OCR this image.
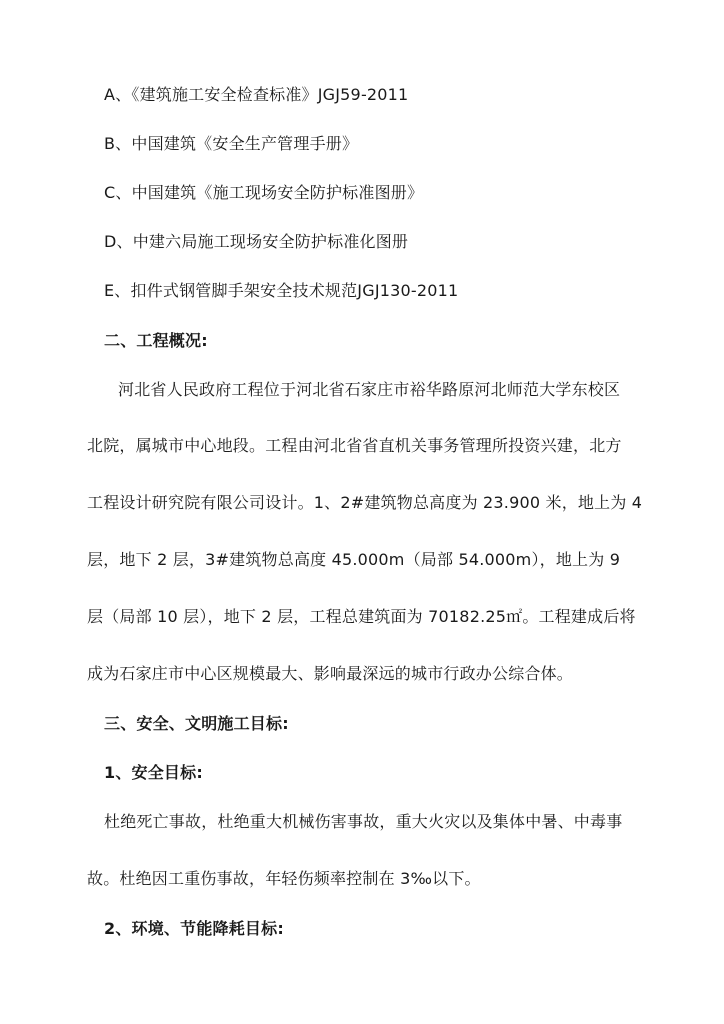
A、《建筑施工安全检查标准》JGJ59-2011
B、中国建筑《安全生产管理手册》
C、中国建筑《施工现场安全防护标准图册》
D、中建六局施工现场安全防护标准化图册
E、扣件式钢管脚手架安全技术规范JGJ130-2011
二、工程概况:
河北省人民政府工程位于河北省石家庄市裕华路原河北师范大学东校区
北院，属城市中心地段。工程由河北省省直机关事务管理所投资兴建，北方
工程设计研究院有限公司设计。1、2#建筑物总高度为 23.900 米，地上为 4
层，地下 2 层，3#建筑物总高度 45.000m（局部 54.000m），地上为 9
层（局部 10 层），地下 2 层，工程总建筑面为 70182.25㎡。工程建成后将
成为石家庄市中心区规模最大、影响最深远的城市行政办公综合体。
三、安全、文明施工目标:
1、安全目标:
杜绝死亡事故，杜绝重大机械伤害事故，重大火灾以及集体中暑、中毒事
故。杜绝因工重伤事故，年轻伤频率控制在 3‰以下。
2、环境、节能降耗目标:
